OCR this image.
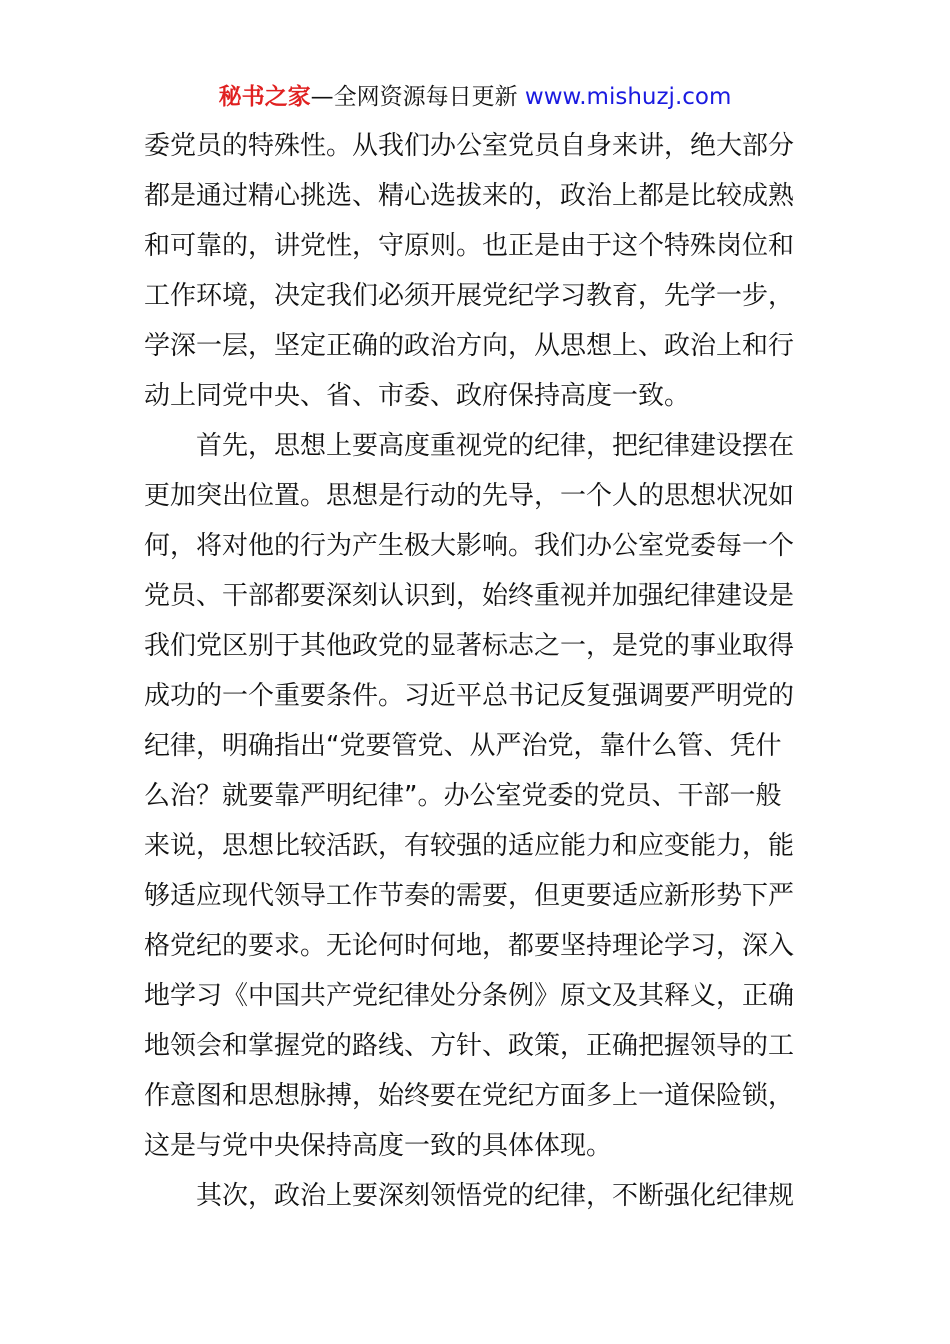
秘书之家—全网资源每日更新 www.mishuzj.com
委党员的特殊性。从我们办公室党员自身来讲，绝大部分
都是通过精心挑选、精心选拔来的，政治上都是比较成熟
和可靠的，讲党性，守原则。也正是由于这个特殊岗位和
工作环境，决定我们必须开展党纪学习教育，先学一步，
学深一层，坚定正确的政治方向，从思想上、政治上和行
动上同党中央、省、市委、政府保持高度一致。
首先，思想上要高度重视党的纪律，把纪律建设摆在
更加突出位置。思想是行动的先导，一个人的思想状况如
何，将对他的行为产生极大影响。我们办公室党委每一个
党员、干部都要深刻认识到，始终重视并加强纪律建设是
我们党区别于其他政党的显著标志之一，是党的事业取得
成功的一个重要条件。习近平总书记反复强调要严明党的
纪律，明确指出“党要管党、从严治党，靠什么管、凭什
么治？就要靠严明纪律”。办公室党委的党员、干部一般
来说，思想比较活跃，有较强的适应能力和应变能力，能
够适应现代领导工作节奏的需要，但更要适应新形势下严
格党纪的要求。无论何时何地，都要坚持理论学习，深入
地学习《中国共产党纪律处分条例》原文及其释义，正确
地领会和掌握党的路线、方针、政策，正确把握领导的工
作意图和思想脉搏，始终要在党纪方面多上一道保险锁，
这是与党中央保持高度一致的具体体现。
其次，政治上要深刻领悟党的纪律，不断强化纪律规
